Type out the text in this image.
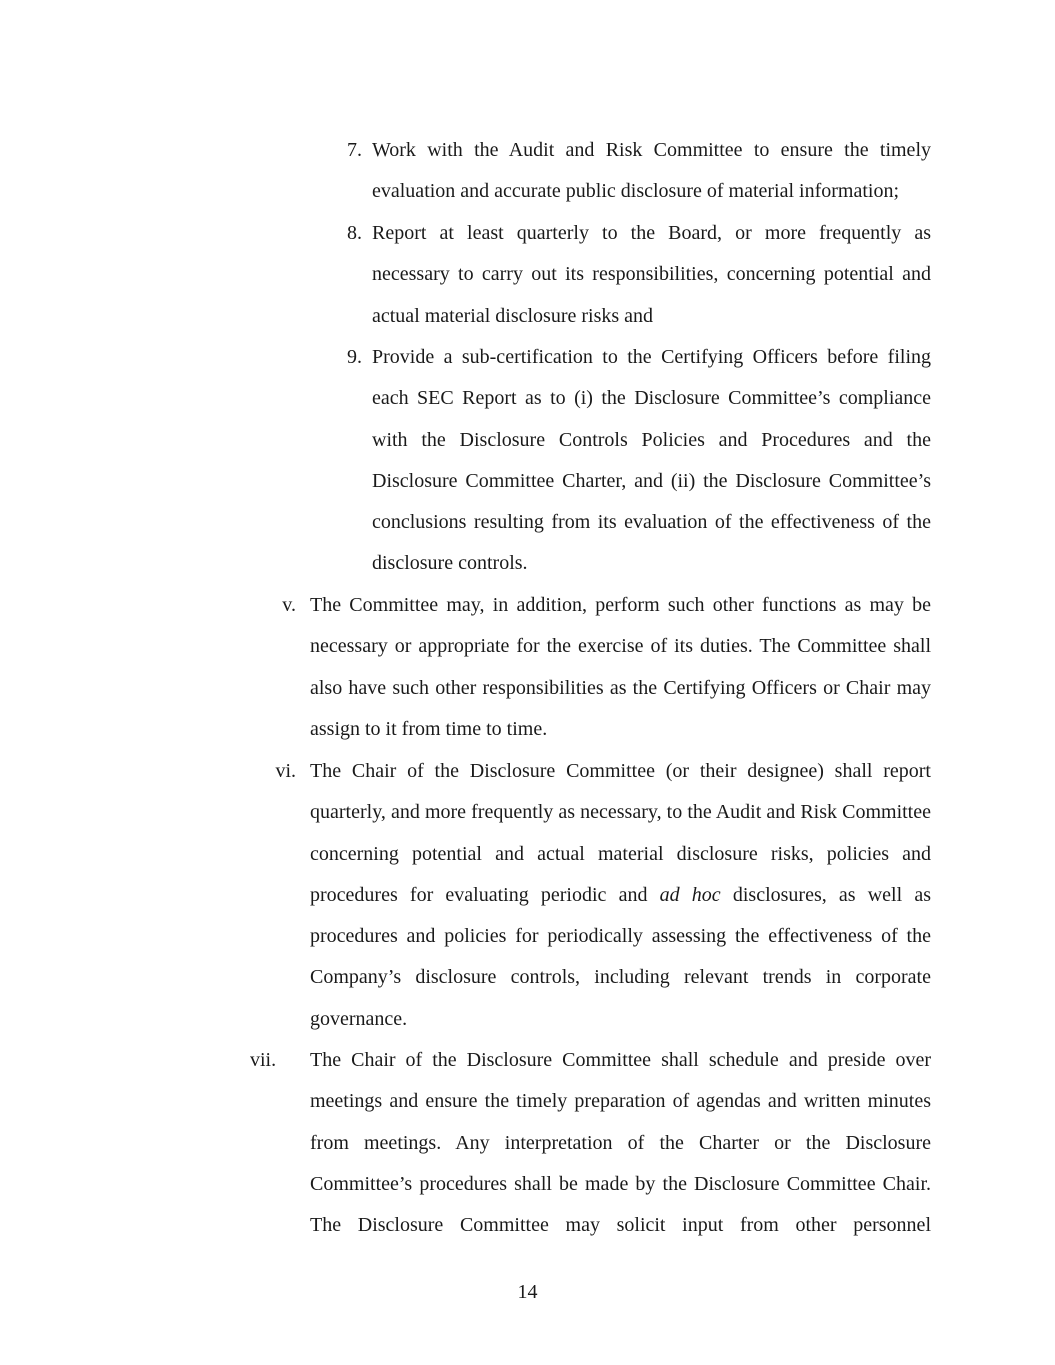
7. Work with the Audit and Risk Committee to ensure the timely evaluation and accurate public disclosure of material information;
8. Report at least quarterly to the Board, or more frequently as necessary to carry out its responsibilities, concerning potential and actual material disclosure risks and
9. Provide a sub-certification to the Certifying Officers before filing each SEC Report as to (i) the Disclosure Committee’s compliance with the Disclosure Controls Policies and Procedures and the Disclosure Committee Charter, and (ii) the Disclosure Committee’s conclusions resulting from its evaluation of the effectiveness of the disclosure controls.
v. The Committee may, in addition, perform such other functions as may be necessary or appropriate for the exercise of its duties. The Committee shall also have such other responsibilities as the Certifying Officers or Chair may assign to it from time to time.
vi. The Chair of the Disclosure Committee (or their designee) shall report quarterly, and more frequently as necessary, to the Audit and Risk Committee concerning potential and actual material disclosure risks, policies and procedures for evaluating periodic and ad hoc disclosures, as well as procedures and policies for periodically assessing the effectiveness of the Company’s disclosure controls, including relevant trends in corporate governance.
vii.	The Chair of the Disclosure Committee shall schedule and preside over meetings and ensure the timely preparation of agendas and written minutes from meetings. Any interpretation of the Charter or the Disclosure Committee’s procedures shall be made by the Disclosure Committee Chair. The Disclosure Committee may solicit input from other personnel
14
